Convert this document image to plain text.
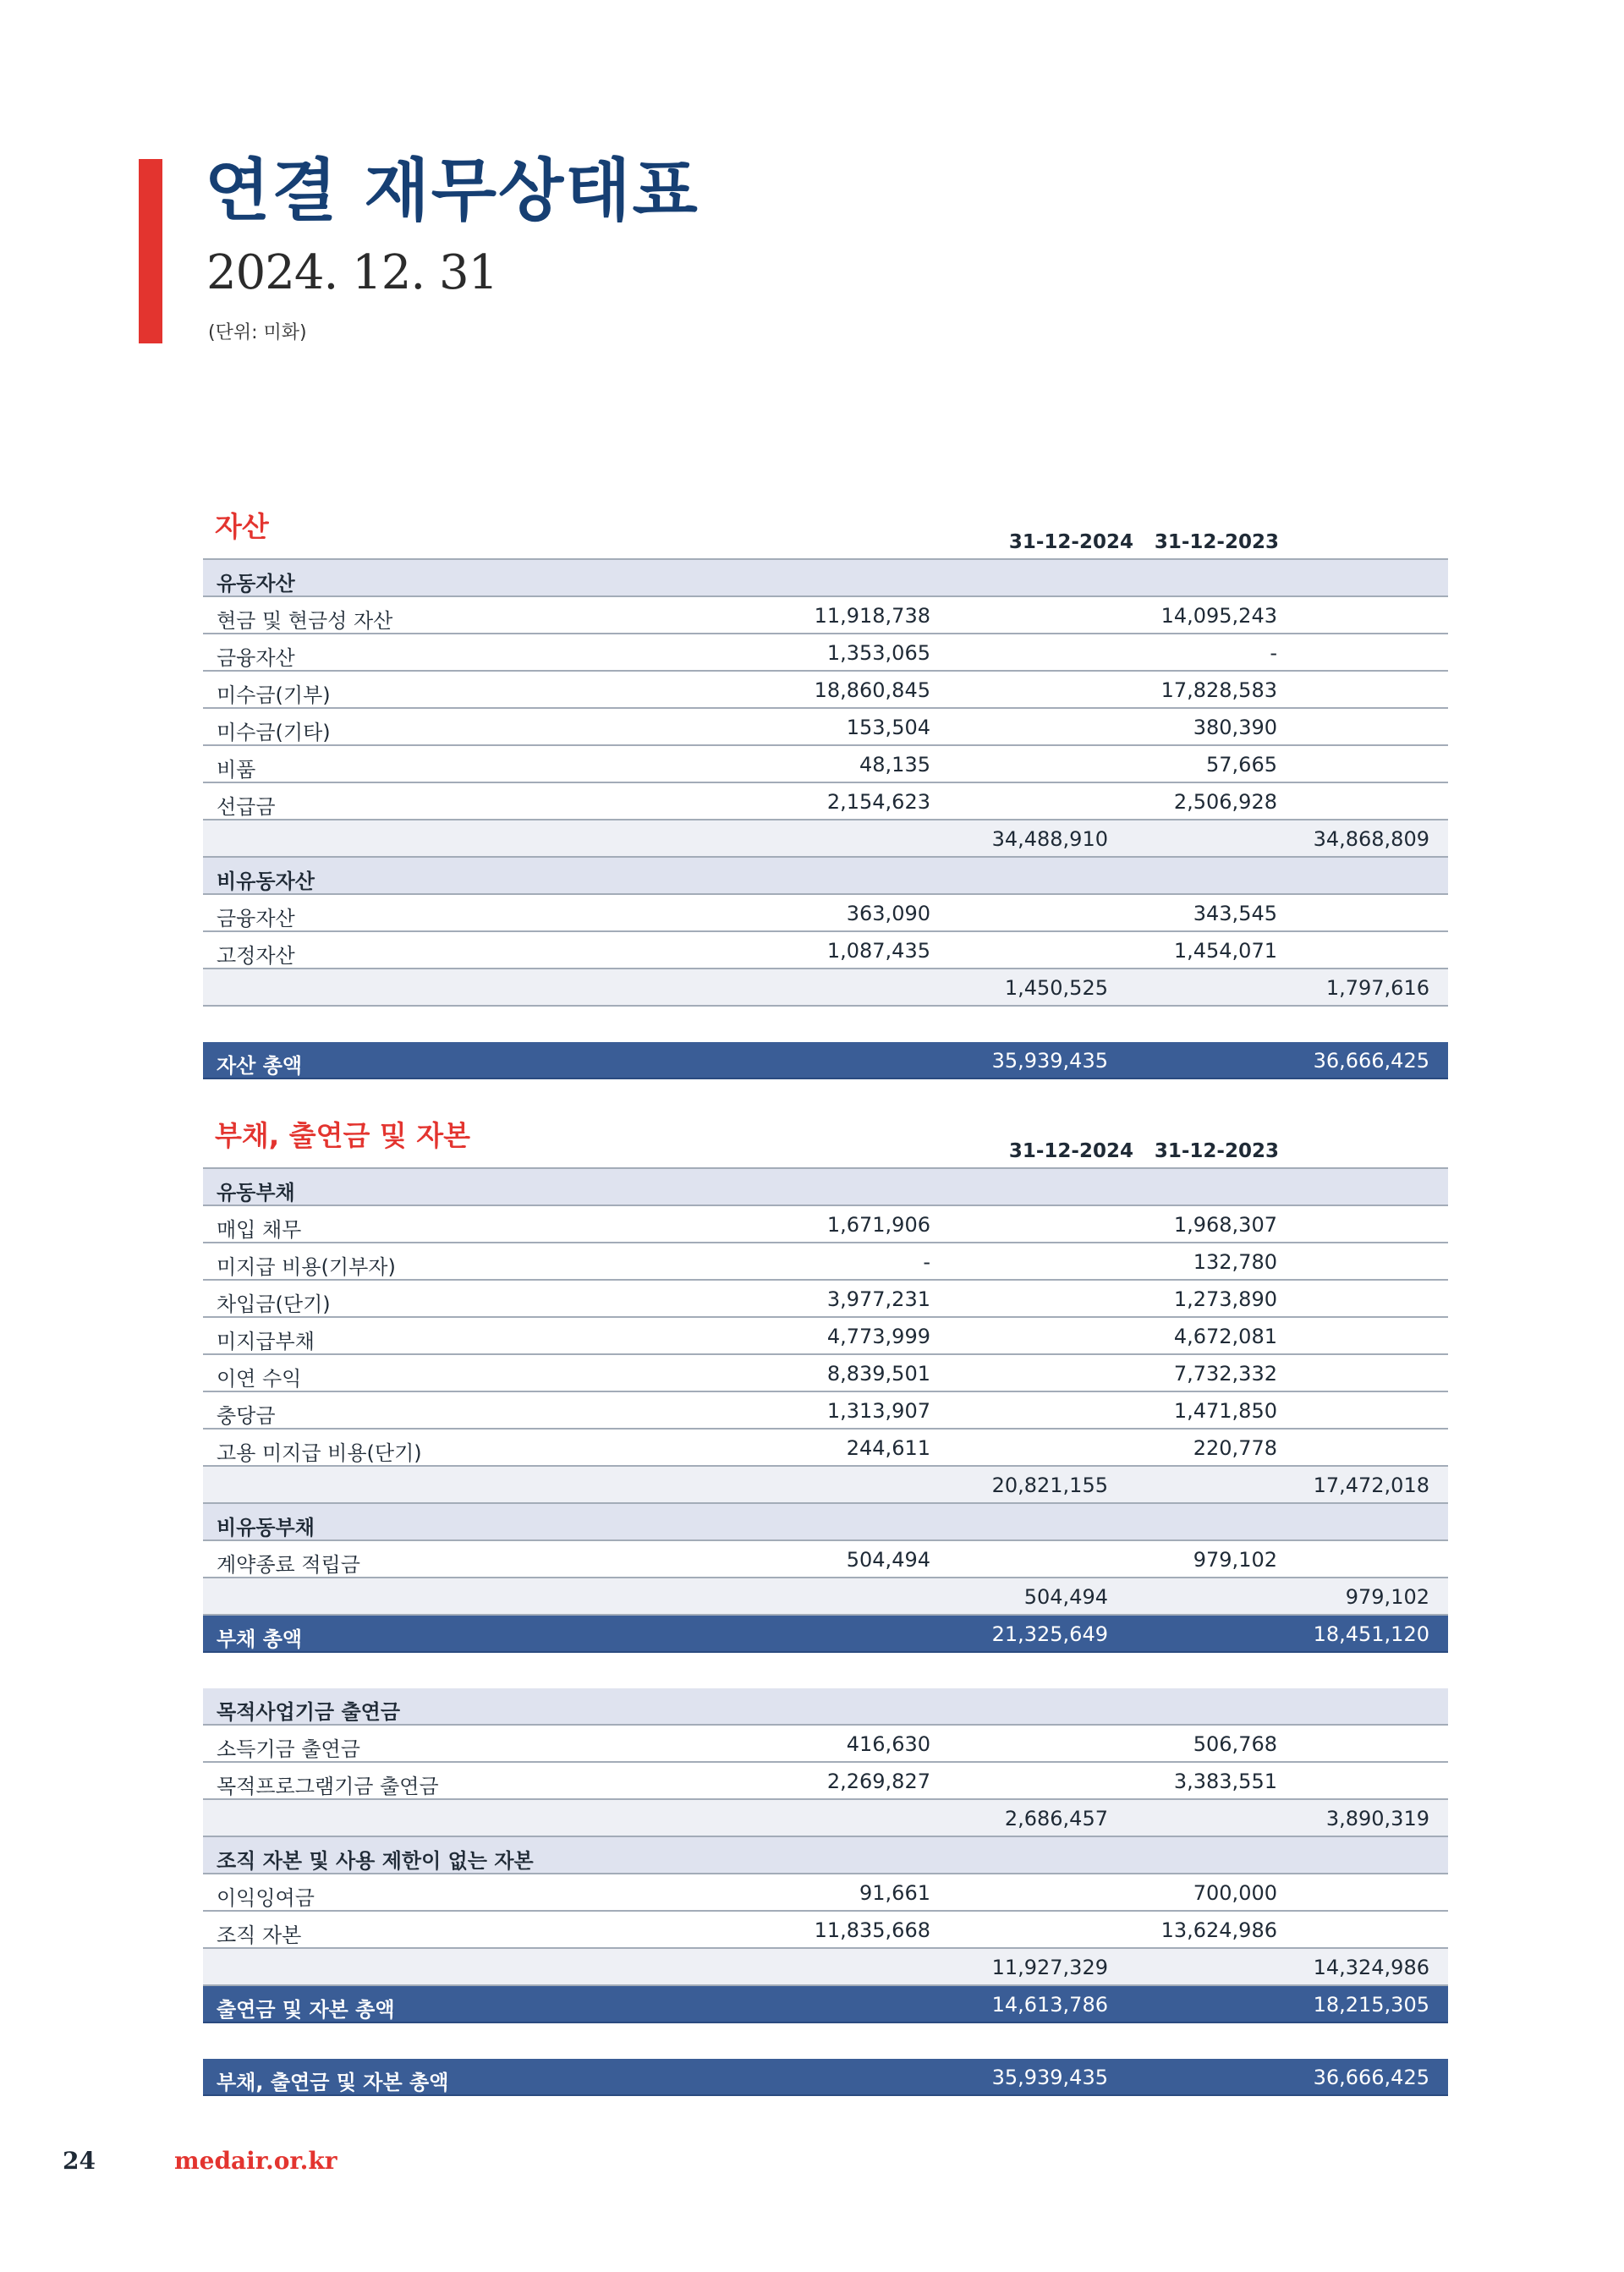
연결 재무상태표
2024. 12. 31
(단위: 미화)
자산	31-12-2024 31-12-2023
유동자산
현금 및 현금성 자산	11,918,738	14,095,243
금융자산	1,353,065	-
미수금(기부)	18,860,845	17,828,583
미수금(기타)	153,504	380,390
비품	48,135	57,665
선급금	2,154,623	2,506,928
34,488,910	34,868,809
비유동자산
금융자산	363,090	343,545
고정자산	1,087,435	1,454,071
1,450,525	1,797,616
자산 총액	35,939,435	36,666,425
부채, 출연금 및 자본	31-12-2024 31-12-2023
유동부채
매입 채무	1,671,906	1,968,307
미지급 비용(기부자)	-	132,780
차입금(단기)	3,977,231	1,273,890
미지급부채	4,773,999	4,672,081
이연 수익	8,839,501	7,732,332
충당금	1,313,907	1,471,850
고용 미지급 비용(단기)	244,611	220,778
20,821,155	17,472,018
비유동부채
계약종료 적립금	504,494	979,102
504,494	979,102
부채 총액	21,325,649	18,451,120
목적사업기금 출연금
소득기금 출연금	416,630	506,768
목적프로그램기금 출연금	2,269,827	3,383,551
2,686,457	3,890,319
조직 자본 및 사용 제한이 없는 자본
이익잉여금	91,661	700,000
조직 자본	11,835,668	13,624,986
11,927,329	14,324,986
출연금 및 자본 총액	14,613,786	18,215,305
부채, 출연금 및 자본 총액	35,939,435	36,666,425
24	medair.or.kr
